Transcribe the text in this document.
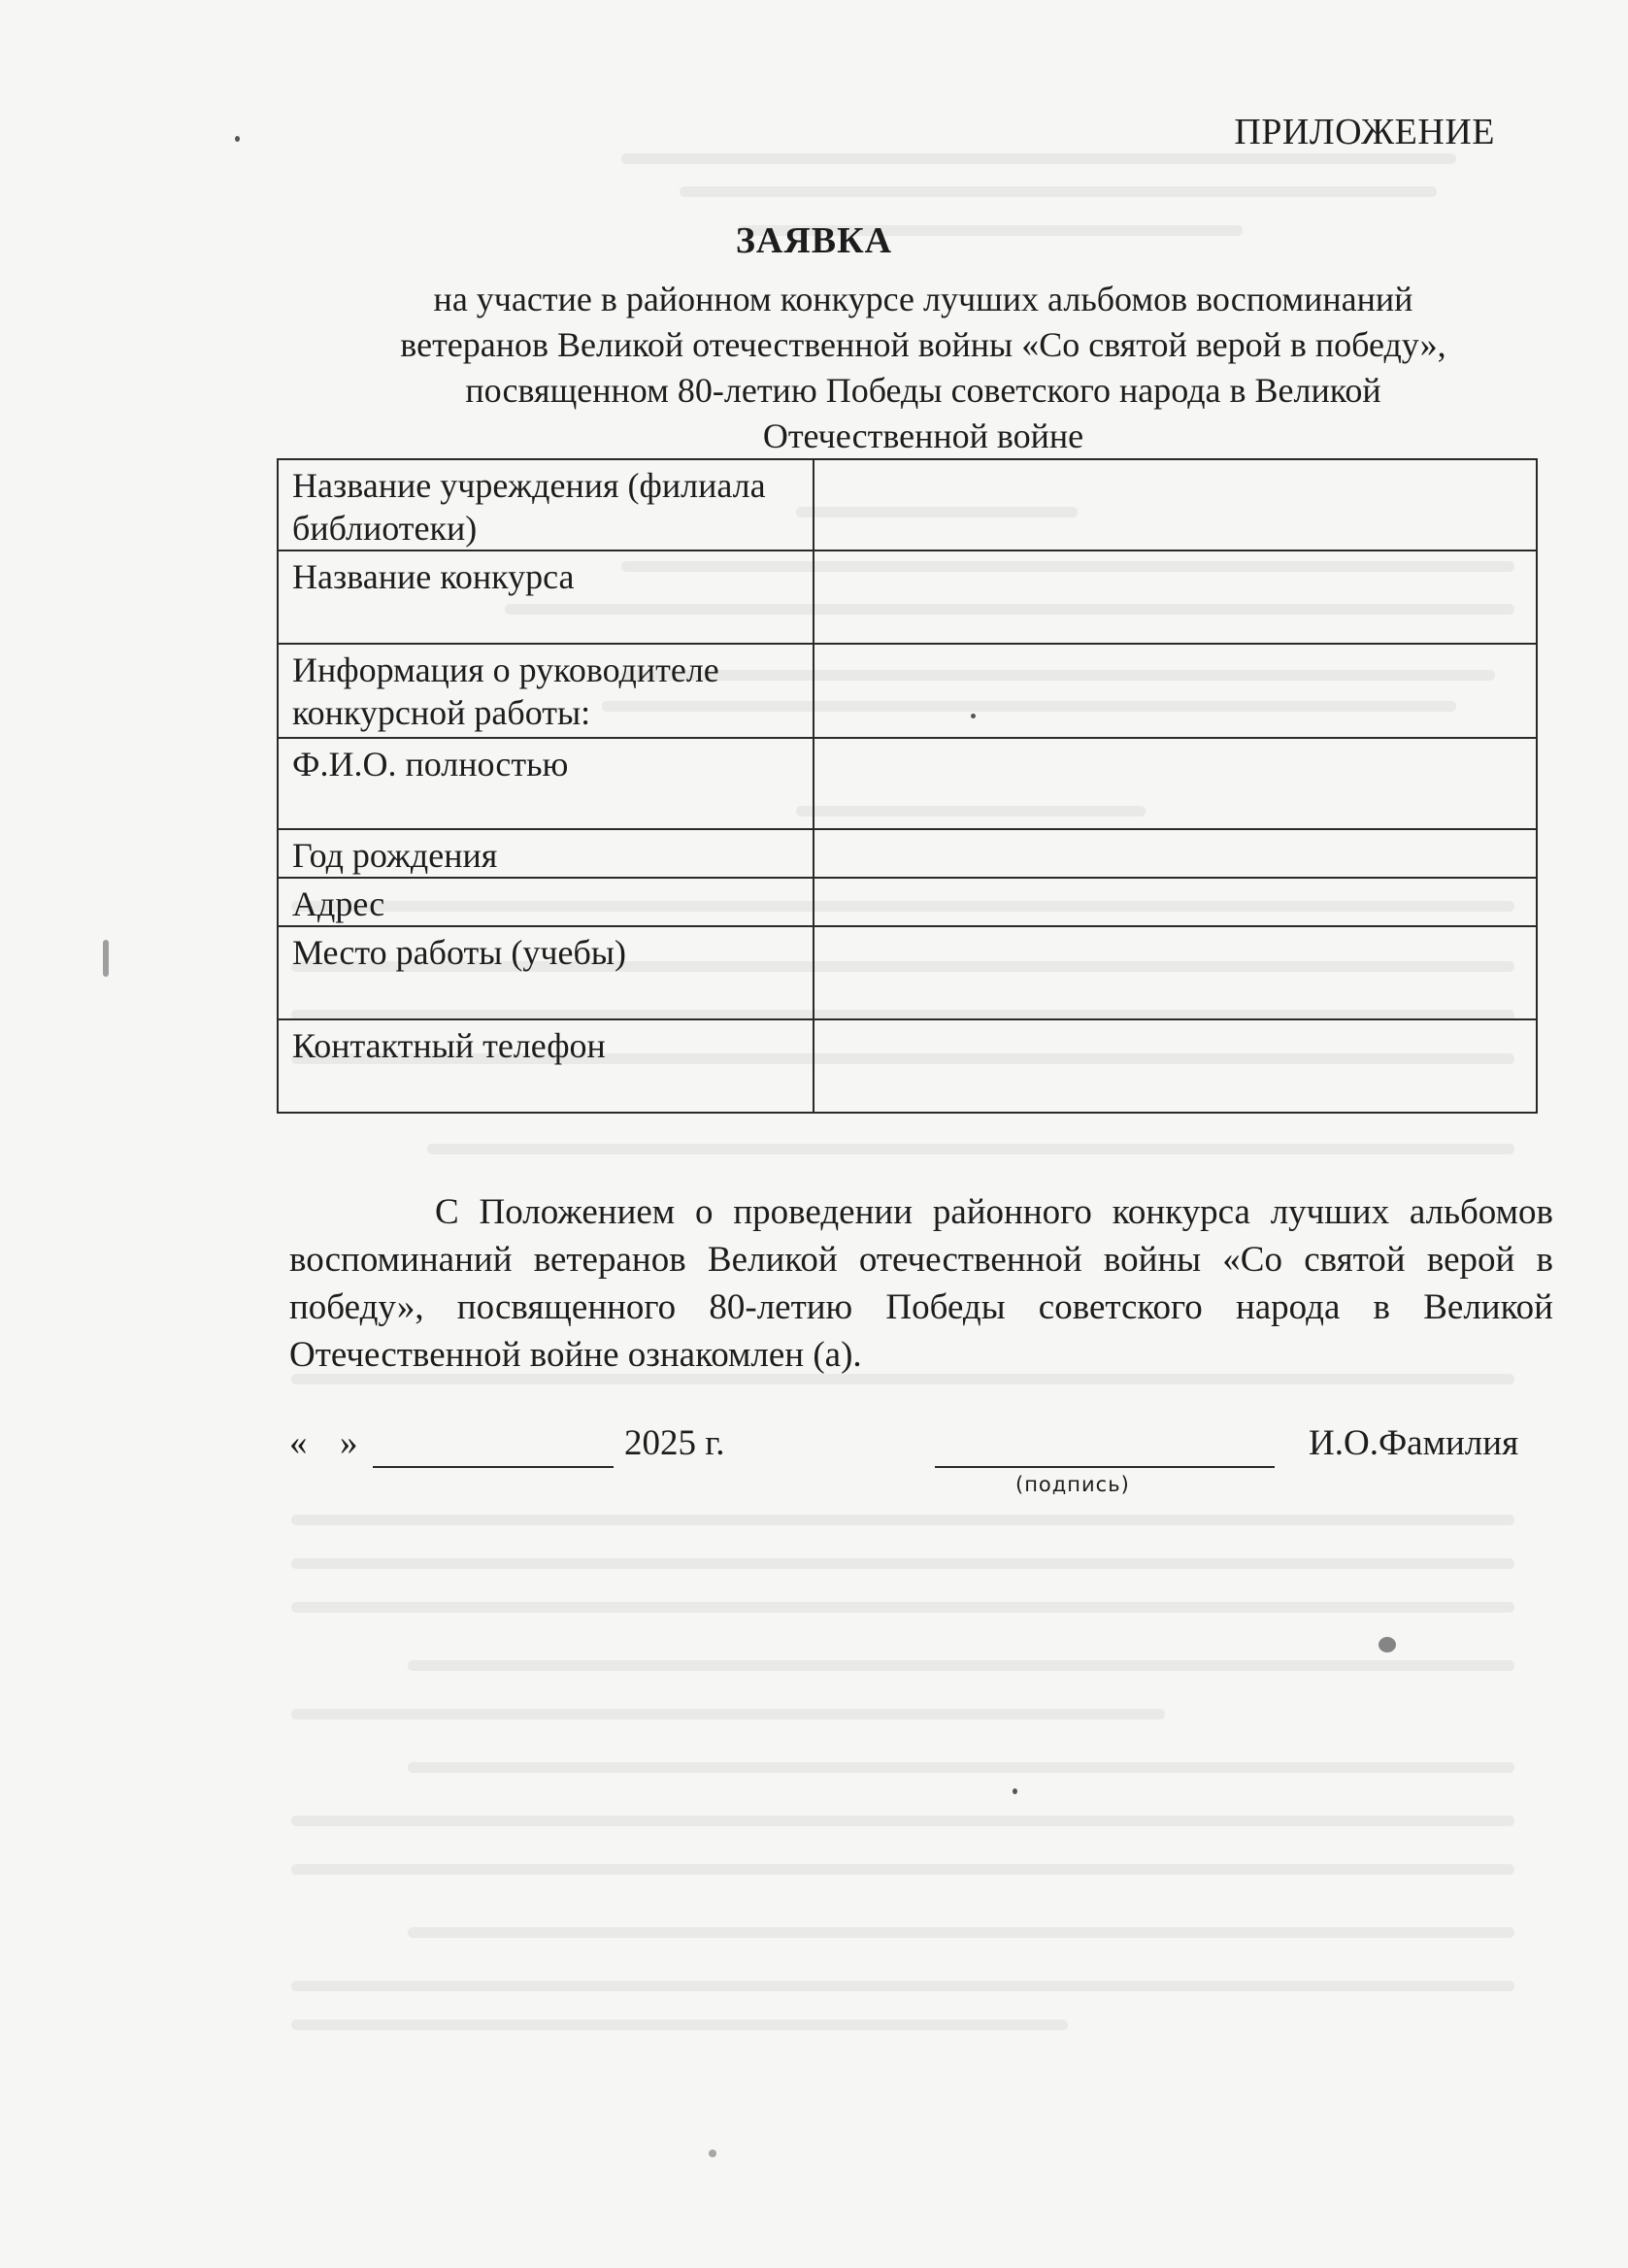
ПРИЛОЖЕНИЕ
ЗАЯВКА
на участие в районном конкурсе лучших альбомов воспоминаний
ветеранов Великой отечественной войны «Со святой верой в победу»,
посвященном 80-летию Победы советского народа в Великой
Отечественной войне
Название учреждения (филиала библиотеки)	
Название конкурса	
Информация о руководителе конкурсной работы:	
Ф.И.О. полностью	
Год рождения	
Адрес	
Место работы (учебы)	
Контактный телефон	

С Положением о проведении районного конкурса лучших альбомов воспоминаний ветеранов Великой отечественной войны «Со святой верой в победу», посвященного 80-летию Победы советского народа в Великой Отечественной войне ознакомлен (а).

« »	2025 г.
(подпись)
И.О.Фамилия
